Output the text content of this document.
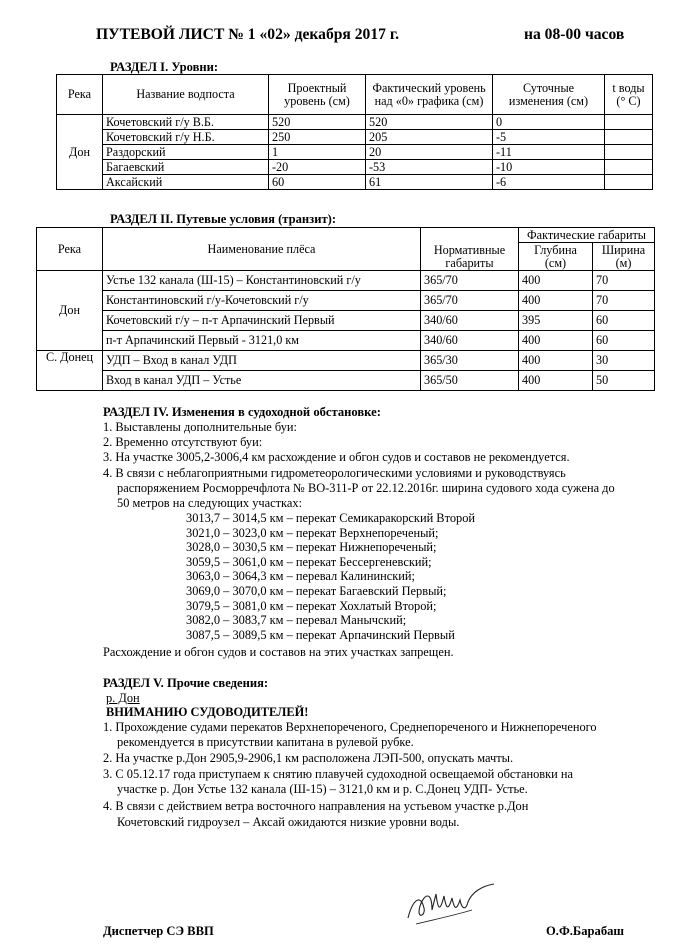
ПУТЕВОЙ ЛИСТ № 1 «02» декабря 2017 г.	на 08-00 часов
РАЗДЕЛ I. Уровни:
Река	Название водпоста	Проектный уровень (см)	Фактический уровень над «0» графика (см)	Суточные изменения (см)	t воды (° С)
Дон	Кочетовский г/у В.Б.	520	520	0	
	Кочетовский г/у Н.Б.	250	205	-5	
	Раздорский	1	20	-11	
	Багаевский	-20	-53	-10	
	Аксайский	60	61	-6	
РАЗДЕЛ II. Путевые условия (транзит):
Река	Наименование плёса	Нормативные габариты	Фактические габариты	
			Глубина (см)	Ширина (м)
Дон	Устье 132 канала (Ш-15) – Константиновский г/у	365/70	400	70
	Константиновский г/у-Кочетовский г/у	365/70	400	70
	Кочетовский г/у – п-т Арпачинский Первый	340/60	395	60
	п-т Арпачинский Первый - 3121,0 км	340/60	400	60
С. Донец	УДП – Вход в канал УДП	365/30	400	30
	Вход в канал УДП – Устье	365/50	400	50
РАЗДЕЛ IV. Изменения в судоходной обстановке:
1. Выставлены дополнительные буи:
2. Временно отсутствуют буи:
3. На участке 3005,2-3006,4 км расхождение и обгон судов и составов не рекомендуется.
4. В связи с неблагоприятными гидрометеорологическими условиями и руководствуясь
распоряжением Росморречфлота № ВО-311-Р от 22.12.2016г. ширина судового хода сужена до
50 метров на следующих участках:
3013,7 – 3014,5 км – перекат Семикаракорский Второй
3021,0 – 3023,0 км – перекат Верхнепореченый;
3028,0 – 3030,5 км – перекат Нижнепореченый;
3059,5 – 3061,0 км – перекат Бессергеневский;
3063,0 – 3064,3 км – перевал Калининский;
3069,0 – 3070,0 км – перекат Багаевский Первый;
3079,5 – 3081,0 км – перекат Хохлатый Второй;
3082,0 – 3083,7 км – перевал Манычский;
3087,5 – 3089,5 км – перекат Арпачинский Первый
Расхождение и обгон судов и составов на этих участках запрещен.
РАЗДЕЛ V. Прочие сведения:
р. Дон
ВНИМАНИЮ СУДОВОДИТЕЛЕЙ!
1. Прохождение судами перекатов Верхнепореченого, Среднепореченого и Нижнепореченого
рекомендуется в присутствии капитана в рулевой рубке.
2. На участке р.Дон 2905,9-2906,1 км расположена ЛЭП-500, опускать мачты.
3. С 05.12.17 года приступаем к снятию плавучей судоходной освещаемой обстановки на
участке р. Дон Устье 132 канала (Ш-15) – 3121,0 км и р. С.Донец УДП- Устье.
4. В связи с действием ветра восточного направления на устьевом участке р.Дон
Кочетовский гидроузел – Аксай ожидаются низкие уровни воды.
Диспетчер СЭ ВВП	О.Ф.Барабаш
